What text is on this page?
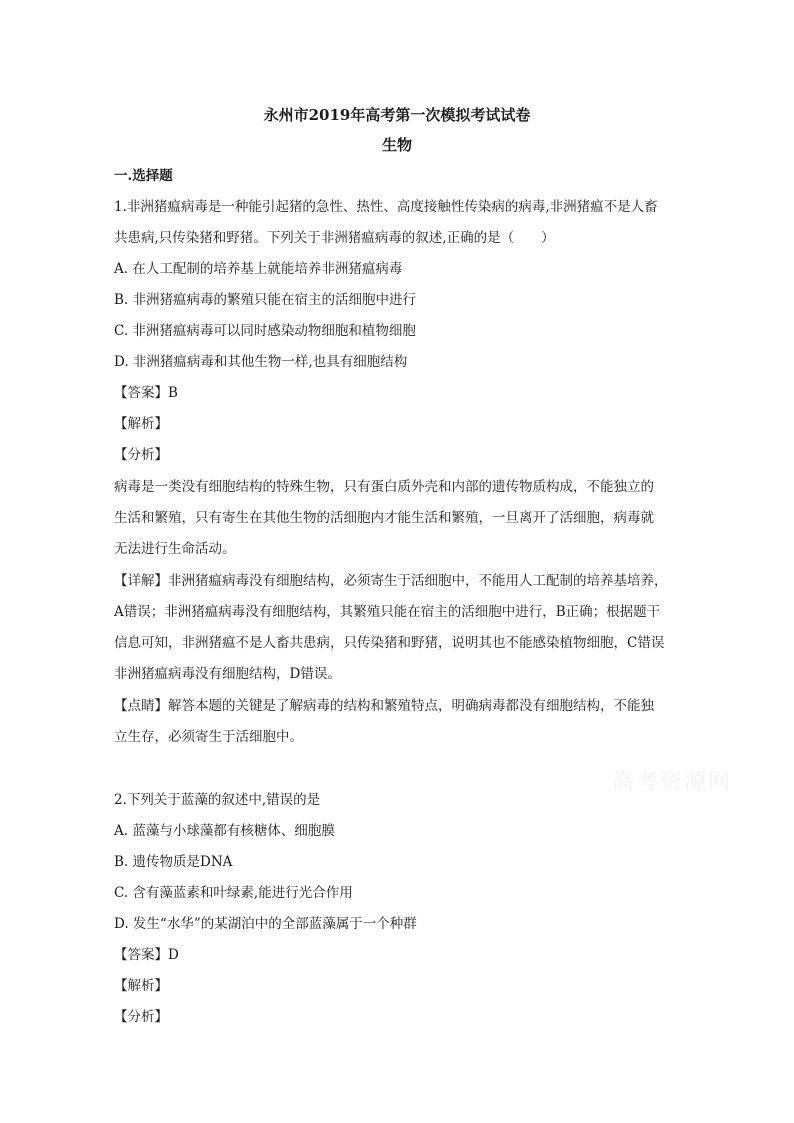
永州市2019年高考第一次模拟考试试卷
生物
一.选择题
1.非洲猪瘟病毒是一种能引起猪的急性、热性、高度接触性传染病的病毒,非洲猪瘟不是人畜
共患病,只传染猪和野猪。下列关于非洲猪瘟病毒的叙述,正确的是（　　）
A. 在人工配制的培养基上就能培养非洲猪瘟病毒
B. 非洲猪瘟病毒的繁殖只能在宿主的活细胞中进行
C. 非洲猪瘟病毒可以同时感染动物细胞和植物细胞
D. 非洲猪瘟病毒和其他生物一样,也具有细胞结构
【答案】B
【解析】
【分析】
病毒是一类没有细胞结构的特殊生物，只有蛋白质外壳和内部的遗传物质构成，不能独立的
生活和繁殖，只有寄生在其他生物的活细胞内才能生活和繁殖，一旦离开了活细胞，病毒就
无法进行生命活动。
【详解】非洲猪瘟病毒没有细胞结构，必须寄生于活细胞中，不能用人工配制的培养基培养，
A错误；非洲猪瘟病毒没有细胞结构，其繁殖只能在宿主的活细胞中进行，B正确；根据题干
信息可知，非洲猪瘟不是人畜共患病，只传染猪和野猪，说明其也不能感染植物细胞，C错误
非洲猪瘟病毒没有细胞结构，D错误。
【点睛】解答本题的关键是了解病毒的结构和繁殖特点，明确病毒都没有细胞结构，不能独
立生存，必须寄生于活细胞中。
高考资源网
2.下列关于蓝藻的叙述中,错误的是
A. 蓝藻与小球藻都有核糖体、细胞膜
B. 遗传物质是DNA
C. 含有藻蓝素和叶绿素,能进行光合作用
D. 发生“水华”的某湖泊中的全部蓝藻属于一个种群
【答案】D
【解析】
【分析】
